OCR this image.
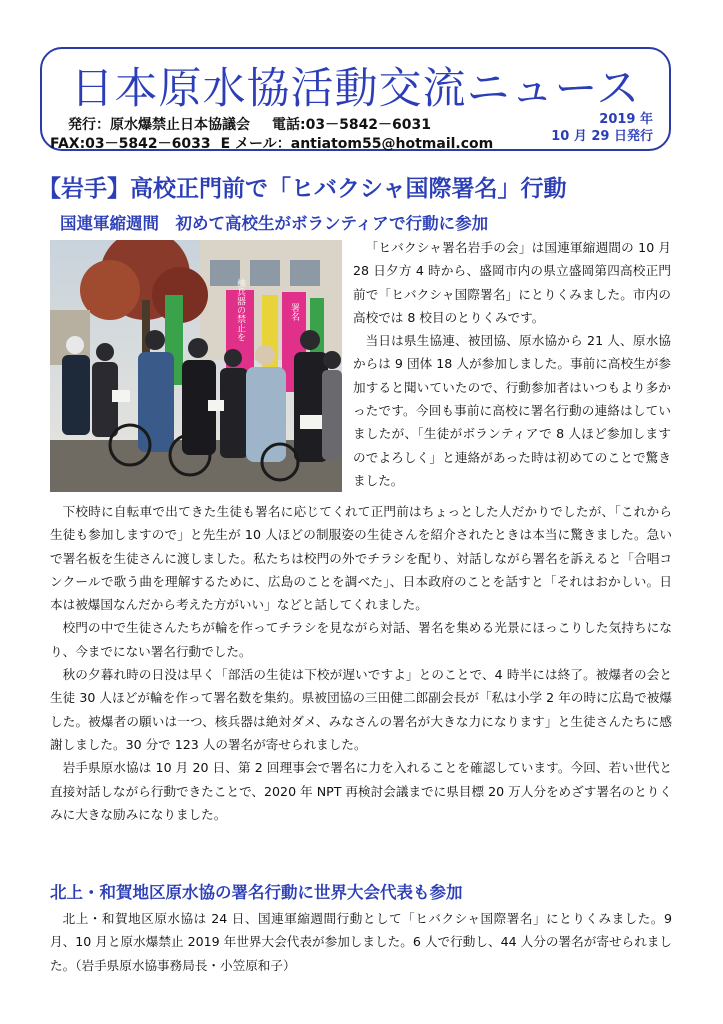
日本原水協活動交流ニュース
発行：原水爆禁止日本協議会 電話:03－5842－6031
FAX:03－5842－6033 E メール：antiatom55@hotmail.com
2019 年
10 月 29 日発行
【岩手】高校正門前で「ヒバクシャ国際署名」行動
国連軍縮週間　初めて高校生がボランティアで行動に参加
核兵器の禁止を	署名

「ヒバクシャ署名岩手の会」は国連軍縮週間の 10 月 28 日夕方 4 時から、盛岡市内の県立盛岡第四高校正門前で「ヒバクシャ国際署名」にとりくみました。市内の高校では 8 校目のとりくみです。

当日は県生協連、被団協、原水協から 21 人、原水協からは 9 団体 18 人が参加しました。事前に高校生が参加すると聞いていたので、行動参加者はいつもより多かったです。今回も事前に高校に署名行動の連絡はしていましたが、「生徒がボランティアで 8 人ほど参加しますのでよろしく」と連絡があった時は初めてのことで驚きました。

下校時に自転車で出てきた生徒も署名に応じてくれて正門前はちょっとした人だかりでしたが、「これから生徒も参加しますので」と先生が 10 人ほどの制服姿の生徒さんを紹介されたときは本当に驚きました。急いで署名板を生徒さんに渡しました。私たちは校門の外でチラシを配り、対話しながら署名を訴えると「合唱コンクールで歌う曲を理解するために、広島のことを調べた」、日本政府のことを話すと「それはおかしい。日本は被爆国なんだから考えた方がいい」などと話してくれました。

校門の中で生徒さんたちが輪を作ってチラシを見ながら対話、署名を集める光景にほっこりした気持ちになり、今までにない署名行動でした。

秋の夕暮れ時の日没は早く「部活の生徒は下校が遅いですよ」とのことで、4 時半には終了。被爆者の会と生徒 30 人ほどが輪を作って署名数を集約。県被団協の三田健二郎副会長が「私は小学 2 年の時に広島で被爆した。被爆者の願いは一つ、核兵器は絶対ダメ、みなさんの署名が大きな力になります」と生徒さんたちに感謝しました。30 分で 123 人の署名が寄せられました。

岩手県原水協は 10 月 20 日、第 2 回理事会で署名に力を入れることを確認しています。今回、若い世代と直接対話しながら行動できたことで、2020 年 NPT 再検討会議までに県目標 20 万人分をめざす署名のとりくみに大きな励みになりました。

北上・和賀地区原水協の署名行動に世界大会代表も参加

北上・和賀地区原水協は 24 日、国連軍縮週間行動として「ヒバクシャ国際署名」にとりくみました。9 月、10 月と原水爆禁止 2019 年世界大会代表が参加しました。6 人で行動し、44 人分の署名が寄せられました。（岩手県原水協事務局長・小笠原和子）
